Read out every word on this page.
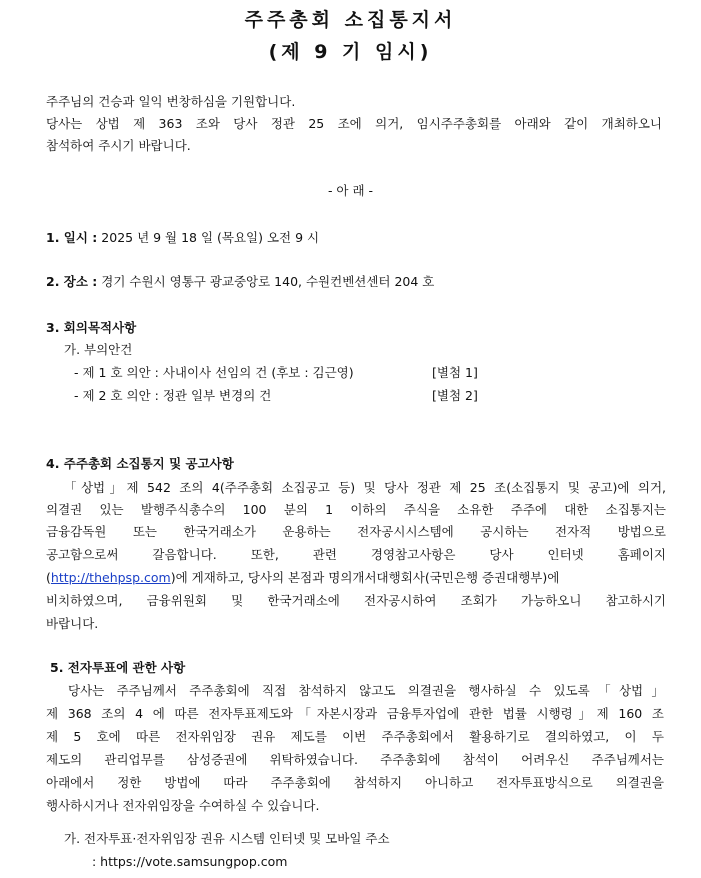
주주총회 소집통지서
(제 9 기 임시)
주주님의 건승과 일익 번창하심을 기원합니다.
당사는 상법 제 363 조와 당사 정관 25 조에 의거, 임시주주총회를 아래와 같이 개최하오니
참석하여 주시기 바랍니다.
- 아 래 -
1. 일시 : 2025 년 9 월 18 일 (목요일) 오전 9 시
2. 장소 : 경기 수원시 영통구 광교중앙로 140, 수원컨벤션센터 204 호
3. 회의목적사항
가. 부의안건
- 제 1 호 의안 : 사내이사 선임의 건 (후보 : 김근영)	[별첨 1]
- 제 2 호 의안 : 정관 일부 변경의 건	[별첨 2]
4. 주주총회 소집통지 및 공고사항
「상법」제 542 조의 4(주주총회 소집공고 등) 및 당사 정관 제 25 조(소집통지 및 공고)에 의거,
의결권 있는 발행주식총수의 100 분의 1 이하의 주식을 소유한 주주에 대한 소집통지는
금융감독원 또는 한국거래소가 운용하는 전자공시시스템에 공시하는 전자적 방법으로
공고함으로써 갈음합니다. 또한, 관련 경영참고사항은 당사 인터넷 홈페이지
(http://thehpsp.com)에 게재하고, 당사의 본점과 명의개서대행회사(국민은행 증권대행부)에
비치하였으며, 금융위원회 및 한국거래소에 전자공시하여 조회가 가능하오니 참고하시기
바랍니다.
5. 전자투표에 관한 사항
당사는 주주님께서 주주총회에 직접 참석하지 않고도 의결권을 행사하실 수 있도록「상법」
제 368 조의 4 에 따른 전자투표제도와「자본시장과 금융투자업에 관한 법률 시행령」제 160 조
제 5 호에 따른 전자위임장 권유 제도를 이번 주주총회에서 활용하기로 결의하였고, 이 두
제도의 관리업무를 삼성증권에 위탁하였습니다. 주주총회에 참석이 어려우신 주주님께서는
아래에서 정한 방법에 따라 주주총회에 참석하지 아니하고 전자투표방식으로 의결권을
행사하시거나 전자위임장을 수여하실 수 있습니다.
가. 전자투표·전자위임장 권유 시스템 인터넷 및 모바일 주소
: https://vote.samsungpop.com
